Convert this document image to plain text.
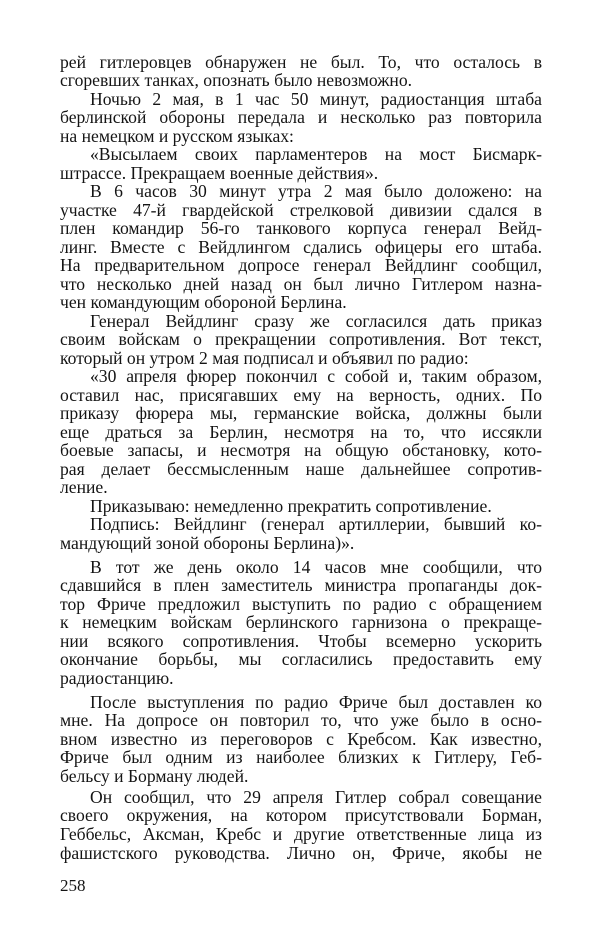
рей гитлеровцев обнаружен не был. То, что осталось в
сгоревших танках, опознать было невозможно.
Ночью 2 мая, в 1 час 50 минут, радиостанция штаба
берлинской обороны передала и несколько раз повторила
на немецком и русском языках:
«Высылаем своих парламентеров на мост Бисмарк-
штрассе. Прекращаем военные действия».
В 6 часов 30 минут утра 2 мая было доложено: на
участке 47-й гвардейской стрелковой дивизии сдался в
плен командир 56-го танкового корпуса генерал Вейд-
линг. Вместе с Вейдлингом сдались офицеры его штаба.
На предварительном допросе генерал Вейдлинг сообщил,
что несколько дней назад он был лично Гитлером назна-
чен командующим обороной Берлина.
Генерал Вейдлинг сразу же согласился дать приказ
своим войскам о прекращении сопротивления. Вот текст,
который он утром 2 мая подписал и объявил по радио:
«30 апреля фюрер покончил с собой и, таким образом,
оставил нас, присягавших ему на верность, одних. По
приказу фюрера мы, германские войска, должны были
еще драться за Берлин, несмотря на то, что иссякли
боевые запасы, и несмотря на общую обстановку, кото-
рая делает бессмысленным наше дальнейшее сопротив-
ление.
Приказываю: немедленно прекратить сопротивление.
Подпись: Вейдлинг (генерал артиллерии, бывший ко-
мандующий зоной обороны Берлина)».
В тот же день около 14 часов мне сообщили, что
сдавшийся в плен заместитель министра пропаганды док-
тор Фриче предложил выступить по радио с обращением
к немецким войскам берлинского гарнизона о прекраще-
нии всякого сопротивления. Чтобы всемерно ускорить
окончание борьбы, мы согласились предоставить ему
радиостанцию.
После выступления по радио Фриче был доставлен ко
мне. На допросе он повторил то, что уже было в осно-
вном известно из переговоров с Кребсом. Как известно,
Фриче был одним из наиболее близких к Гитлеру, Геб-
бельсу и Борману людей.
Он сообщил, что 29 апреля Гитлер собрал совещание
своего окружения, на котором присутствовали Борман,
Геббельс, Аксман, Кребс и другие ответственные лица из
фашистского руководства. Лично он, Фриче, якобы не
258
